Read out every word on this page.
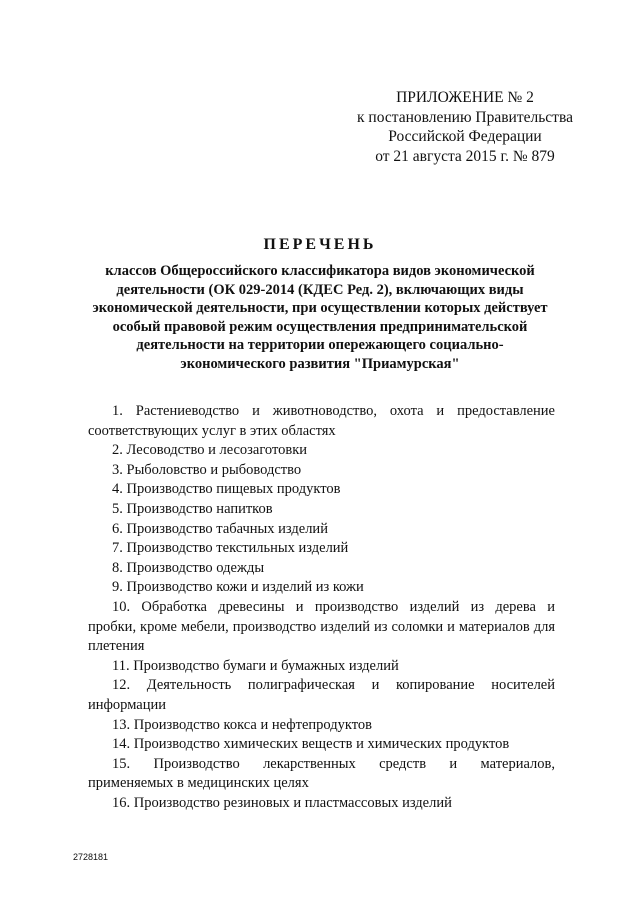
ПРИЛОЖЕНИЕ № 2
к постановлению Правительства
Российской Федерации
от 21 августа 2015 г. № 879
ПЕРЕЧЕНЬ
классов Общероссийского классификатора видов экономической
деятельности (ОК 029-2014 (КДЕС Ред. 2), включающих виды
экономической деятельности, при осуществлении которых действует
особый правовой режим осуществления предпринимательской
деятельности на территории опережающего социально-
экономического развития "Приамурская"
1. Растениеводство и животноводство, охота и предоставление
соответствующих услуг в этих областях
2. Лесоводство и лесозаготовки
3. Рыболовство и рыбоводство
4. Производство пищевых продуктов
5. Производство напитков
6. Производство табачных изделий
7. Производство текстильных изделий
8. Производство одежды
9. Производство кожи и изделий из кожи
10. Обработка древесины и производство изделий из дерева и
пробки, кроме мебели, производство изделий из соломки и материалов для плетения
11. Производство бумаги и бумажных изделий
12. Деятельность полиграфическая и копирование носителей
информации
13. Производство кокса и нефтепродуктов
14. Производство химических веществ и химических продуктов
15. Производство лекарственных средств и материалов,
применяемых в медицинских целях
16. Производство резиновых и пластмассовых изделий
2728181
